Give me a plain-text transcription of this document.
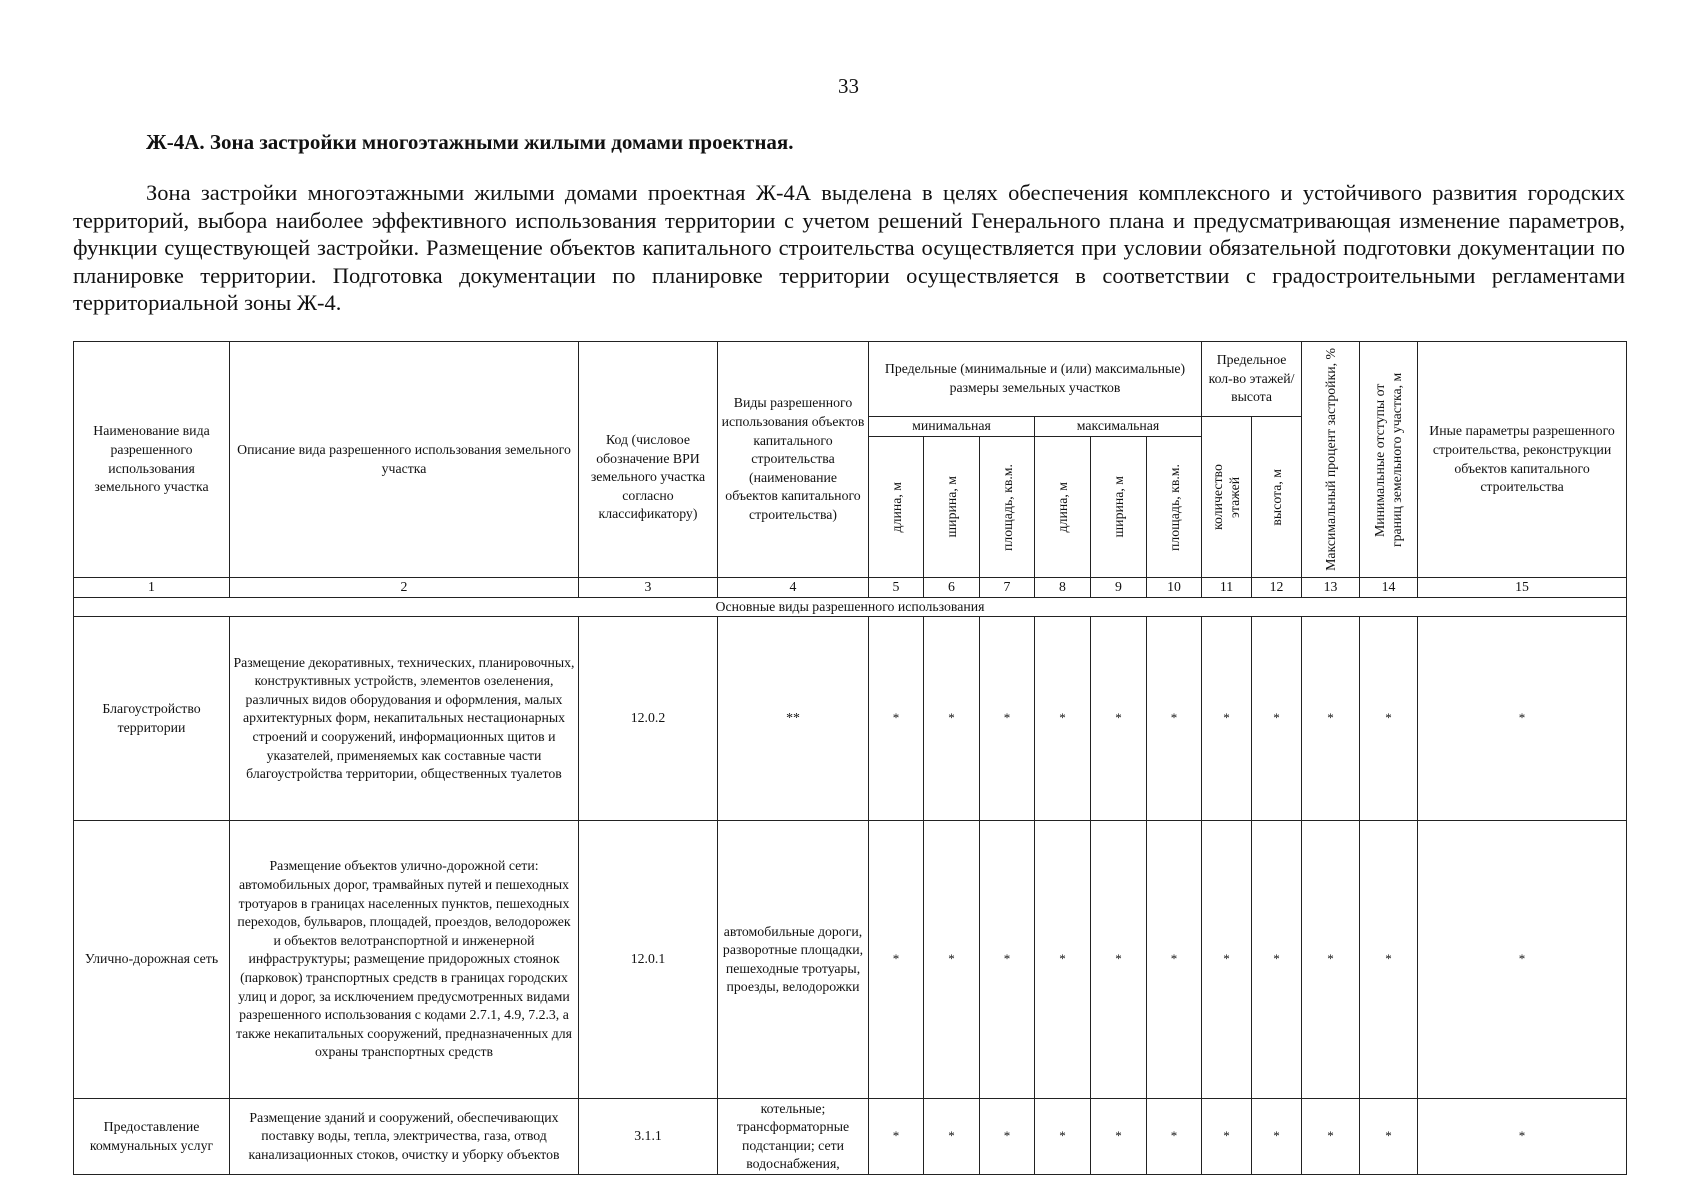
33
Ж-4А. Зона застройки многоэтажными жилыми домами проектная.

Зона застройки многоэтажными жилыми домами проектная Ж-4А выделена в целях обеспечения комплексного и устойчивого развития городских территорий, выбора наиболее эффективного использования территории с учетом решений Генерального плана и предусматривающая изменение параметров, функции существующей застройки. Размещение объектов капитального строительства осуществляется при условии обязательной подготовки документации по планировке территории. Подготовка документации по планировке территории осуществляется в соответствии с градостроительными регламентами территориальной зоны Ж-4.

Наименование вида разрешенного использования земельного участка	Описание вида разрешенного использования земельного участка	Код (числовое обозначение ВРИ земельного участка согласно классификатору)	Виды разрешенного использования объектов капитального строительства (наименование объектов капитального строительства)	Предельные (минимальные и (или) максимальные) размеры земельных участков						Предельное кол-во этажей/ высота		Максимальный процент застройки, %	Минимальные отступы от границ земельного участка, м	Иные параметры разрешенного строительства, реконструкции объектов капитального строительства
				минимальная			максимальная			количество этажей	высота, м			

				длина, м	ширина, м	площадь, кв.м.	длина, м	ширина, м	площадь, кв.м.					

1	2	3	4	5	6	7	8	9	10	11	12	13	14	15
Основные виды разрешенного использования														
Благоустройство территории	Размещение декоративных, технических, планировочных, конструктивных устройств, элементов озеленения, различных видов оборудования и оформления, малых архитектурных форм, некапитальных нестационарных строений и сооружений, информационных щитов и указателей, применяемых как составные части благоустройства территории, общественных туалетов	12.0.2	**	*	*	*	*	*	*	*	*	*	*	*
Улично-дорожная сеть	Размещение объектов улично-дорожной сети: автомобильных дорог, трамвайных путей и пешеходных тротуаров в границах населенных пунктов, пешеходных переходов, бульваров, площадей, проездов, велодорожек и объектов велотранспортной и инженерной инфраструктуры; размещение придорожных стоянок (парковок) транспортных средств в границах городских улиц и дорог, за исключением предусмотренных видами разрешенного использования с кодами 2.7.1, 4.9, 7.2.3, а также некапитальных сооружений, предназначенных для охраны транспортных средств	12.0.1	автомобильные дороги, разворотные площадки, пешеходные тротуары, проезды, велодорожки	*	*	*	*	*	*	*	*	*	*	*
Предоставление коммунальных услуг	Размещение зданий и сооружений, обеспечивающих поставку воды, тепла, электричества, газа, отвод канализационных стоков, очистку и уборку объектов	3.1.1	котельные; трансформаторные подстанции; сети водоснабжения,	*	*	*	*	*	*	*	*	*	*	*
